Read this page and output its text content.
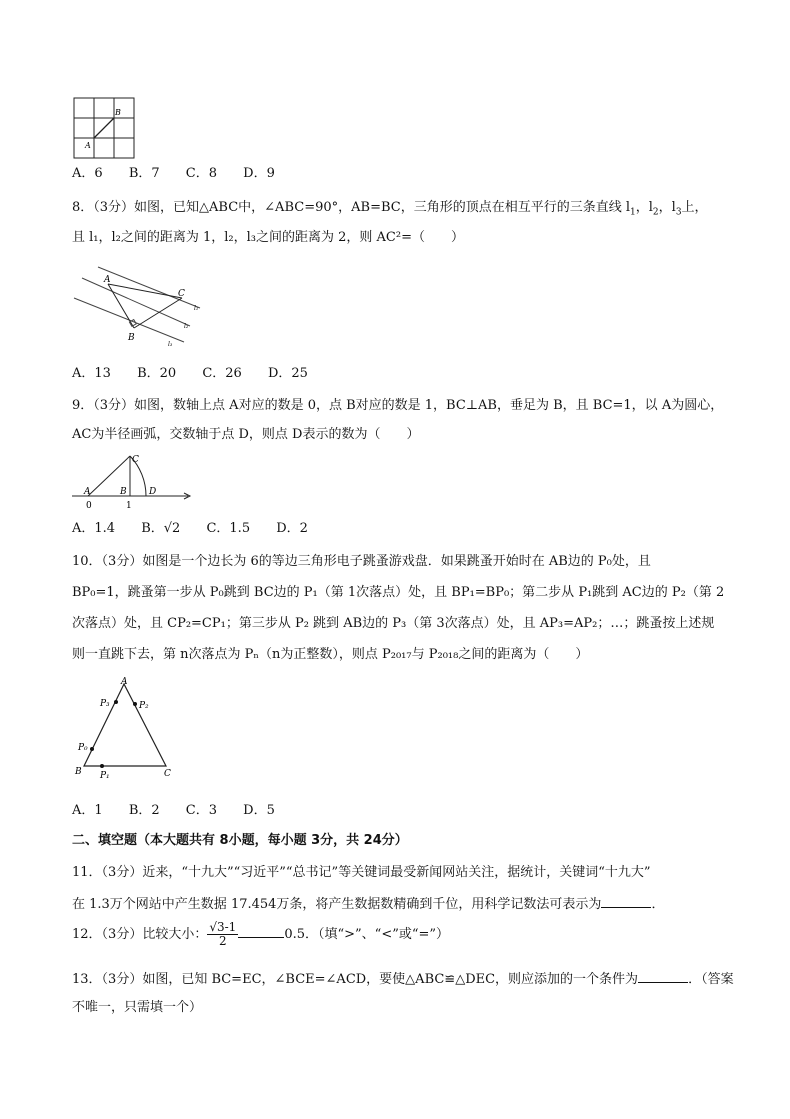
A
B
A．6 B．7 C．8 D．9
8．（3分）如图，已知△ABC中，∠ABC=90°，AB=BC，三角形的顶点在相互平行的三条直线 $l_1$，$l_2$，$l_3$上，
且 l₁，l₂之间的距离为 1，l₂，l₃之间的距离为 2，则 AC²=（　　）
A
C
B
l₁
l₂
l₃
A．13 B．20 C．26 D．25
9．（3分）如图，数轴上点 A对应的数是 0，点 B对应的数是 1，BC⊥AB，垂足为 B，且 BC=1，以 A为圆心，
AC为半径画弧，交数轴于点 D，则点 D表示的数为（　　）
A	B
C
D
0	1
A．1.4 B．√2 C．1.5 D．2
10．（3分）如图是一个边长为 6的等边三角形电子跳蚤游戏盘．如果跳蚤开始时在 AB边的 P₀处，且
BP₀=1，跳蚤第一步从 P₀跳到 BC边的 P₁（第 1次落点）处，且 BP₁=BP₀；第二步从 P₁跳到 AC边的 P₂（第 2
次落点）处，且 CP₂=CP₁；第三步从 P₂ 跳到 AB边的 P₃（第 3次落点）处，且 AP₃=AP₂；…；跳蚤按上述规
则一直跳下去，第 n次落点为 Pₙ（n为正整数），则点 P₂₀₁₇与 P₂₀₁₈之间的距离为（　　）
A
P₃	P₂
P₀
B P₁	C
A．1 B．2 C．3 D．5
二、填空题（本大题共有 8小题，每小题 3分，共 24分）
11．（3分）近来，“十九大”“习近平”“总书记”等关键词最受新闻网站关注，据统计，关键词“十九大”
在 1.3万个网站中产生数据 17.454万条，将产生数据数精确到千位，用科学记数法可表示为	．
12．（3分）比较大小： $\frac{√3-1}{2}$	0.5．（填“>”、“<”或“=”）
13．（3分）如图，已知 BC=EC，∠BCE=∠ACD，要使△ABC≌△DEC，则应添加的一个条件为	．（答案
不唯一，只需填一个）
